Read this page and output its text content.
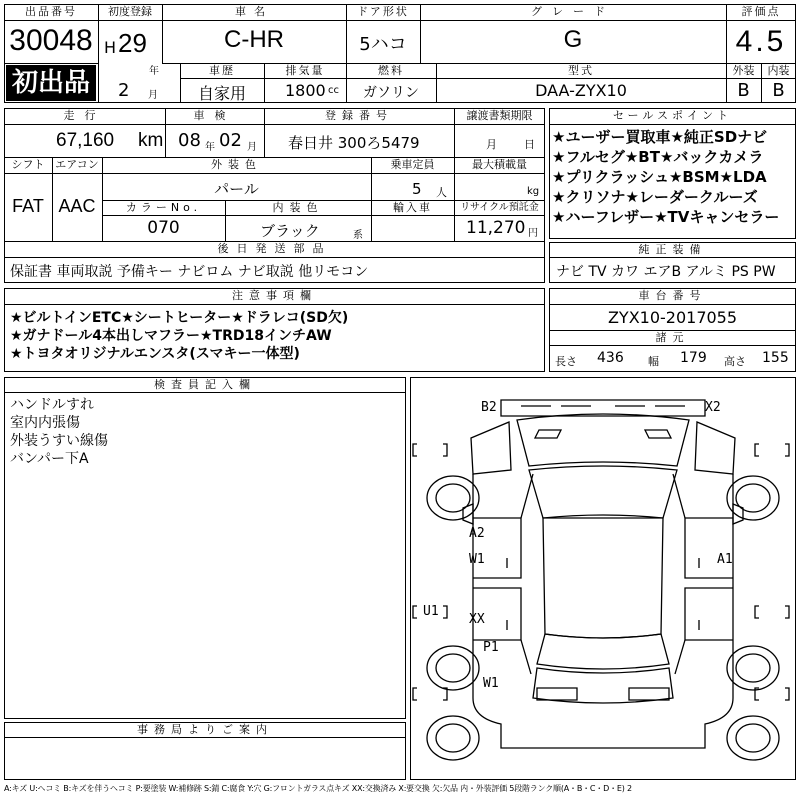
出品番号
30048
初出品
初度登録
H 29
年
2 月
車名
C-HR
ドア形状
5ハコ
グレード
G
評価点
4.5
車歴
自家用
排気量
1800 cc
燃料
ガソリン
型式
DAA-ZYX10
外装	内装
B	B
走行
67,160 km
車検
08 年 02 月
登録番号
春日井 300ろ5479
譲渡書類期限
月 日
シフト
FAT
エアコン
AAC
外装色
パール
乗車定員
5 人
最大積載量
kg
カラーNo.
070
内装色
ブラック	系
輸入車	リサイクル預託金
11,270 円
後日発送部品
保証書 車両取説 予備キー ナビロム ナビ取説 他リモコン
セールスポイント
★ユーザー買取車★純正SDナビ
★フルセグ★BT★バックカメラ
★プリクラッシュ★BSM★LDA
★クリソナ★レーダークルーズ
★ハーフレザー★TVキャンセラー
純正装備
ナビ TV カワ エアB アルミ PS PW
注意事項欄
★ビルトインETC★シートヒーター★ドラレコ(SD欠)
★ガナドール4本出しマフラー★TRD18インチAW
★トヨタオリジナルエンスタ(スマキー一体型)
車台番号
ZYX10-2017055
諸元
長さ 436 幅 179 高さ 155
検査員記入欄
ハンドルすれ
室内内張傷
外装うすい線傷
バンパー下A
事務局よりご案内
B2	X2
A2
W1	A1
U1
XX
P1
W1
A:キズ U:ヘコミ B:キズを伴うヘコミ P:要塗装 W:補修跡 S:錆 C:腐食 Y:穴 G:フロントガラス点キズ XX:交換済み X:要交換 欠:欠品 内・外装評価 5段階ランク順(A・B・C・D・E) 2
